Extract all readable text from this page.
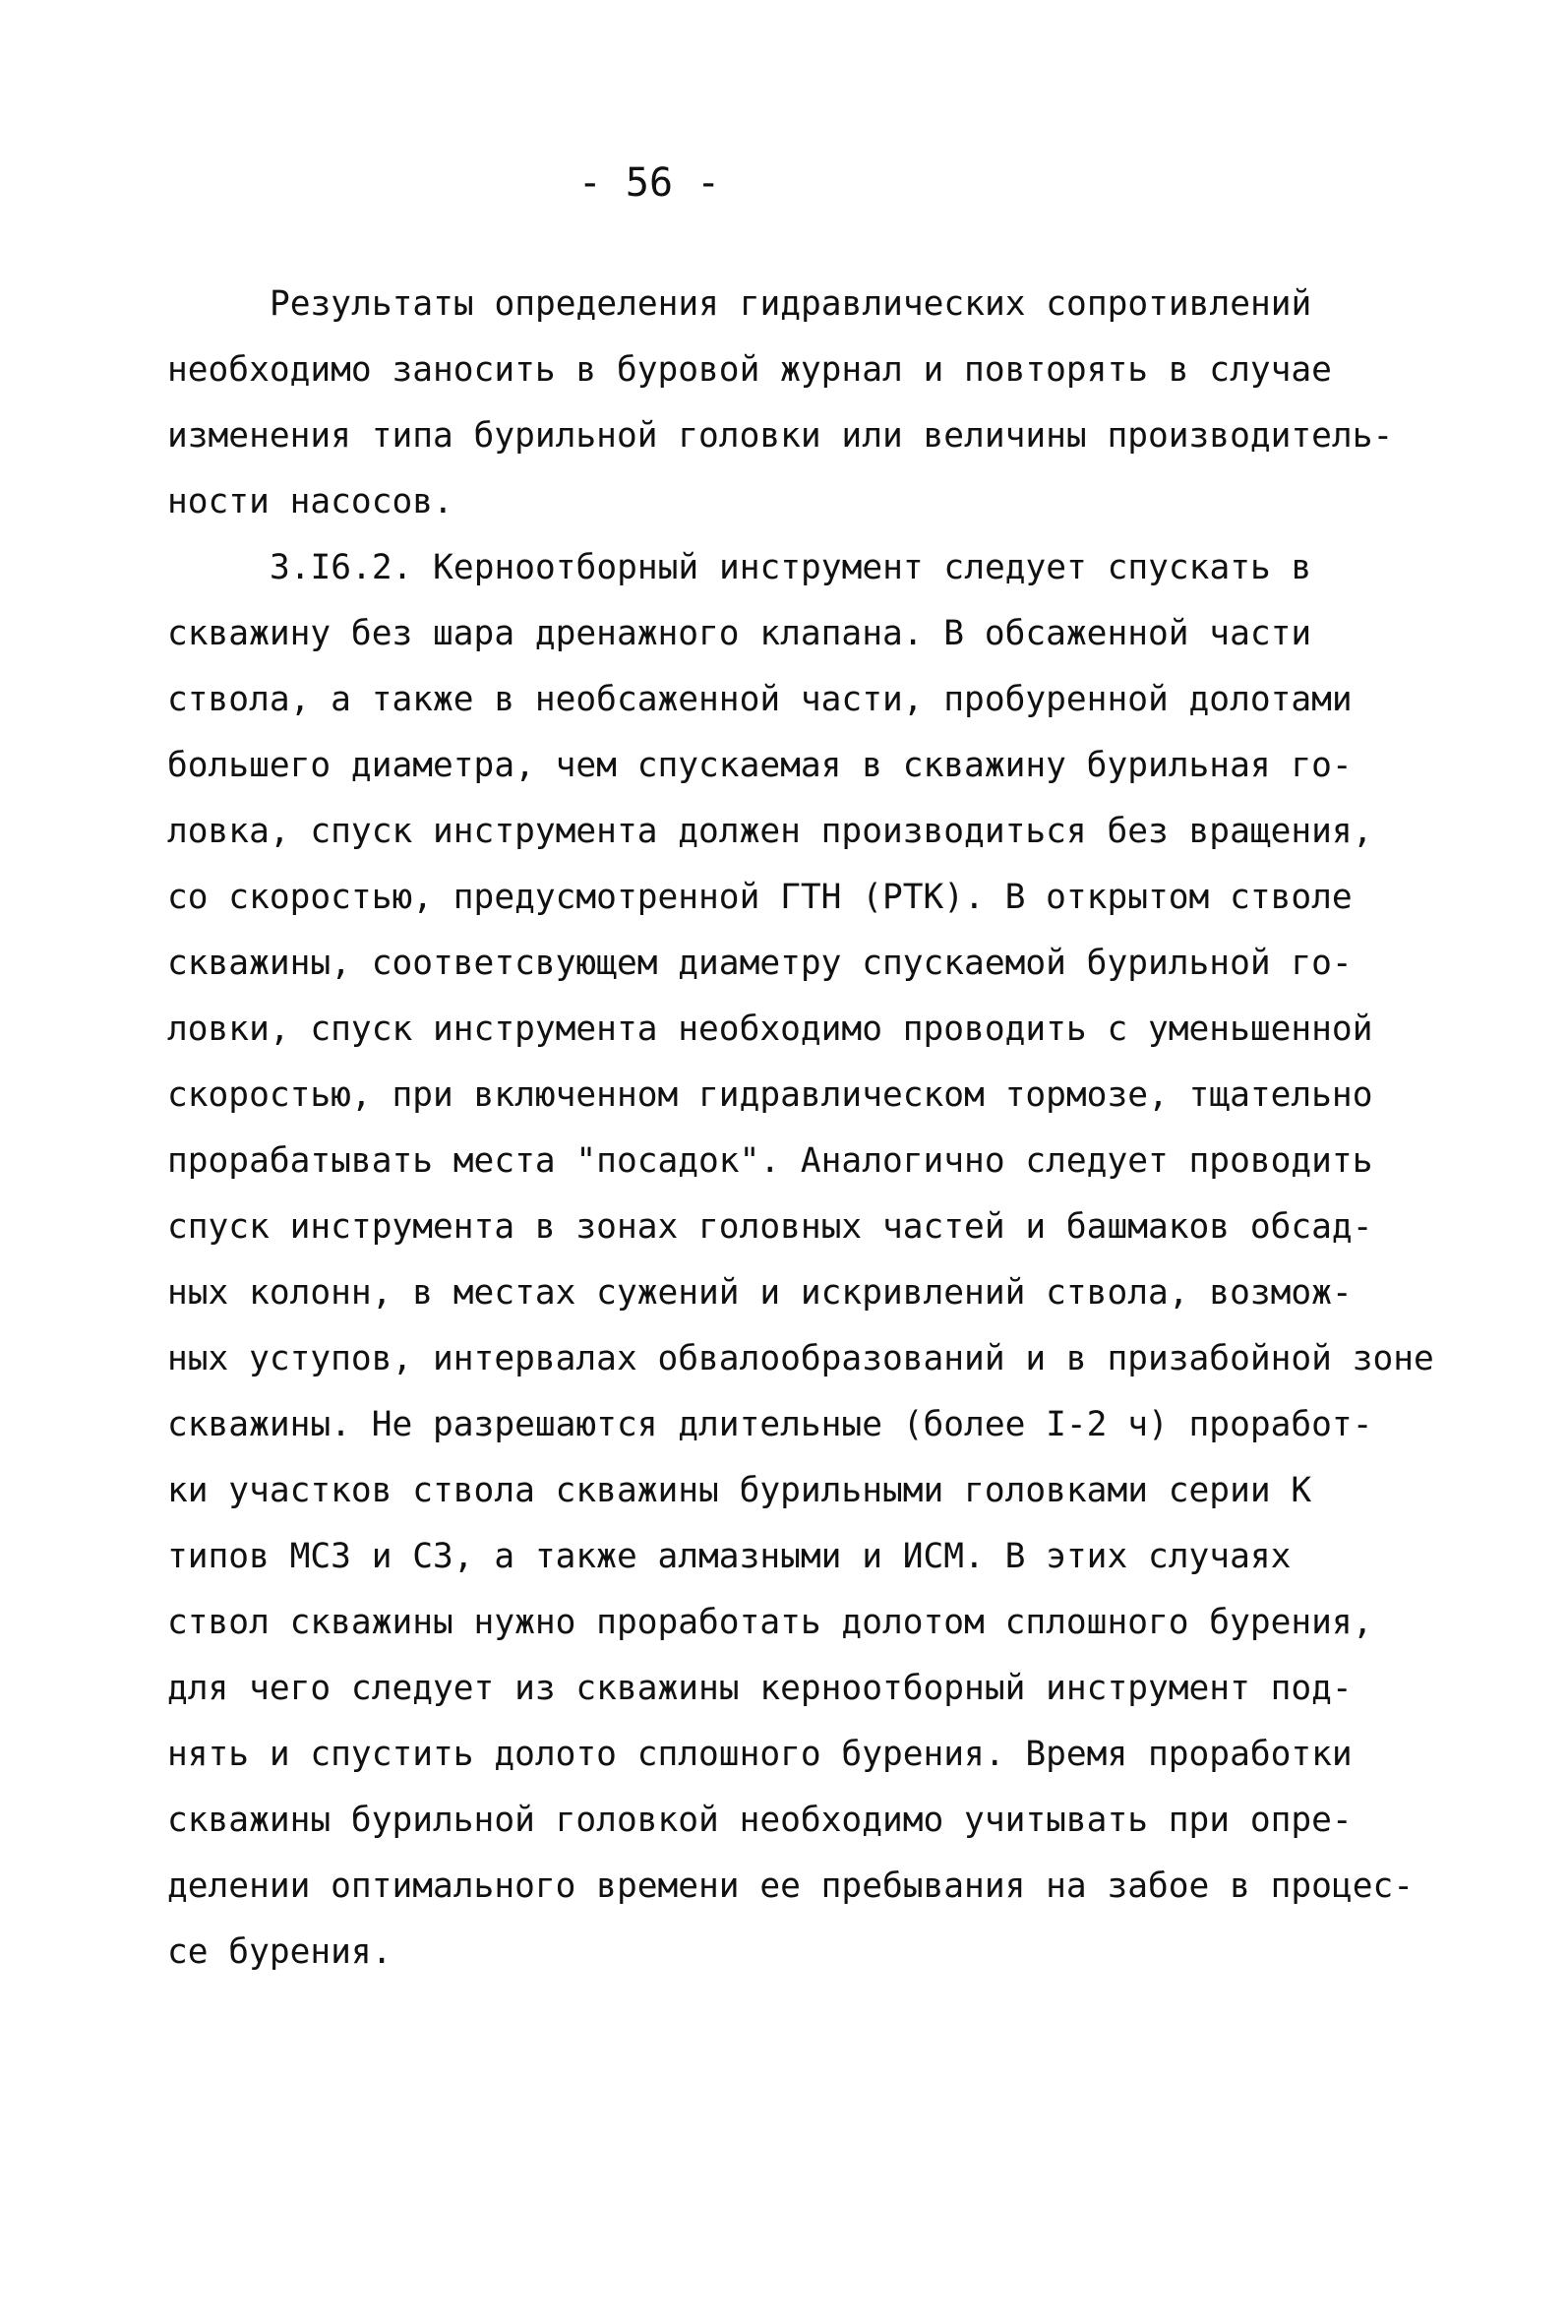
- 56 -
Результаты определения гидравлических сопротивлений
необходимо заносить в буровой журнал и повторять в случае
изменения типа бурильной головки или величины производитель-
ности насосов.
3.I6.2. Керноотборный инструмент следует спускать в
скважину без шара дренажного клапана. В обсаженной части
ствола, а также в необсаженной части, пробуренной долотами
большего диаметра, чем спускаемая в скважину бурильная го-
ловка, спуск инструмента должен производиться без вращения,
со скоростью, предусмотренной ГТН (РТК). В открытом стволе
скважины, соответсвующем диаметру спускаемой бурильной го-
ловки, спуск инструмента необходимо проводить с уменьшенной
скоростью, при включенном гидравлическом тормозе, тщательно
прорабатывать места "посадок". Аналогично следует проводить
спуск инструмента в зонах головных частей и башмаков обсад-
ных колонн, в местах сужений и искривлений ствола, возмож-
ных уступов, интервалах обвалообразований и в призабойной зоне
скважины. Не разрешаются длительные (более I-2 ч) проработ-
ки участков ствола скважины бурильными головками серии К
типов МСЗ и СЗ, а также алмазными и ИСМ. В этих случаях
ствол скважины нужно проработать долотом сплошного бурения,
для чего следует из скважины керноотборный инструмент под-
нять и спустить долото сплошного бурения. Время проработки
скважины бурильной головкой необходимо учитывать при опре-
делении оптимального времени ее пребывания на забое в процес-
се бурения.
